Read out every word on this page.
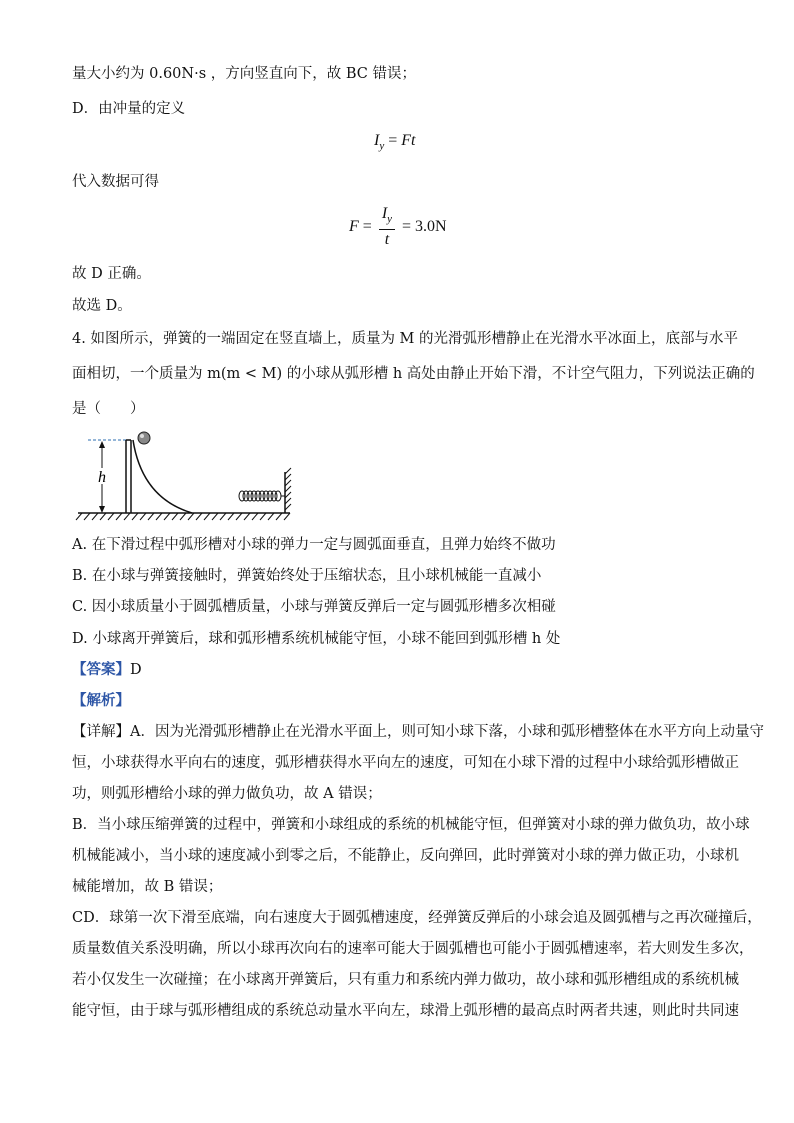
量大小约为 0.60N·s ，方向竖直向下，故 BC 错误；
D．由冲量的定义
$I_y = Ft$
代入数据可得
$F = \frac{I_y}{t} = 3.0N$
故 D 正确。
故选 D。
4. 如图所示，弹簧的一端固定在竖直墙上，质量为 M 的光滑弧形槽静止在光滑水平冰面上，底部与水平
面相切，一个质量为 m(m < M) 的小球从弧形槽 h 高处由静止开始下滑，不计空气阻力，下列说法正确的
是（　　）
h
A. 在下滑过程中弧形槽对小球的弹力一定与圆弧面垂直，且弹力始终不做功
B. 在小球与弹簧接触时，弹簧始终处于压缩状态，且小球机械能一直减小
C. 因小球质量小于圆弧槽质量，小球与弹簧反弹后一定与圆弧形槽多次相碰
D. 小球离开弹簧后，球和弧形槽系统机械能守恒，小球不能回到弧形槽 h 处
【答案】D
【解析】
【详解】A．因为光滑弧形槽静止在光滑水平面上，则可知小球下落，小球和弧形槽整体在水平方向上动量守
恒，小球获得水平向右的速度，弧形槽获得水平向左的速度，可知在小球下滑的过程中小球给弧形槽做正
功，则弧形槽给小球的弹力做负功，故 A 错误；
B．当小球压缩弹簧的过程中，弹簧和小球组成的系统的机械能守恒，但弹簧对小球的弹力做负功，故小球
机械能减小，当小球的速度减小到零之后，不能静止，反向弹回，此时弹簧对小球的弹力做正功，小球机
械能增加，故 B 错误；
CD．球第一次下滑至底端，向右速度大于圆弧槽速度，经弹簧反弹后的小球会追及圆弧槽与之再次碰撞后，
质量数值关系没明确，所以小球再次向右的速率可能大于圆弧槽也可能小于圆弧槽速率，若大则发生多次，
若小仅发生一次碰撞；在小球离开弹簧后，只有重力和系统内弹力做功，故小球和弧形槽组成的系统机械
能守恒，由于球与弧形槽组成的系统总动量水平向左，球滑上弧形槽的最高点时两者共速，则此时共同速
